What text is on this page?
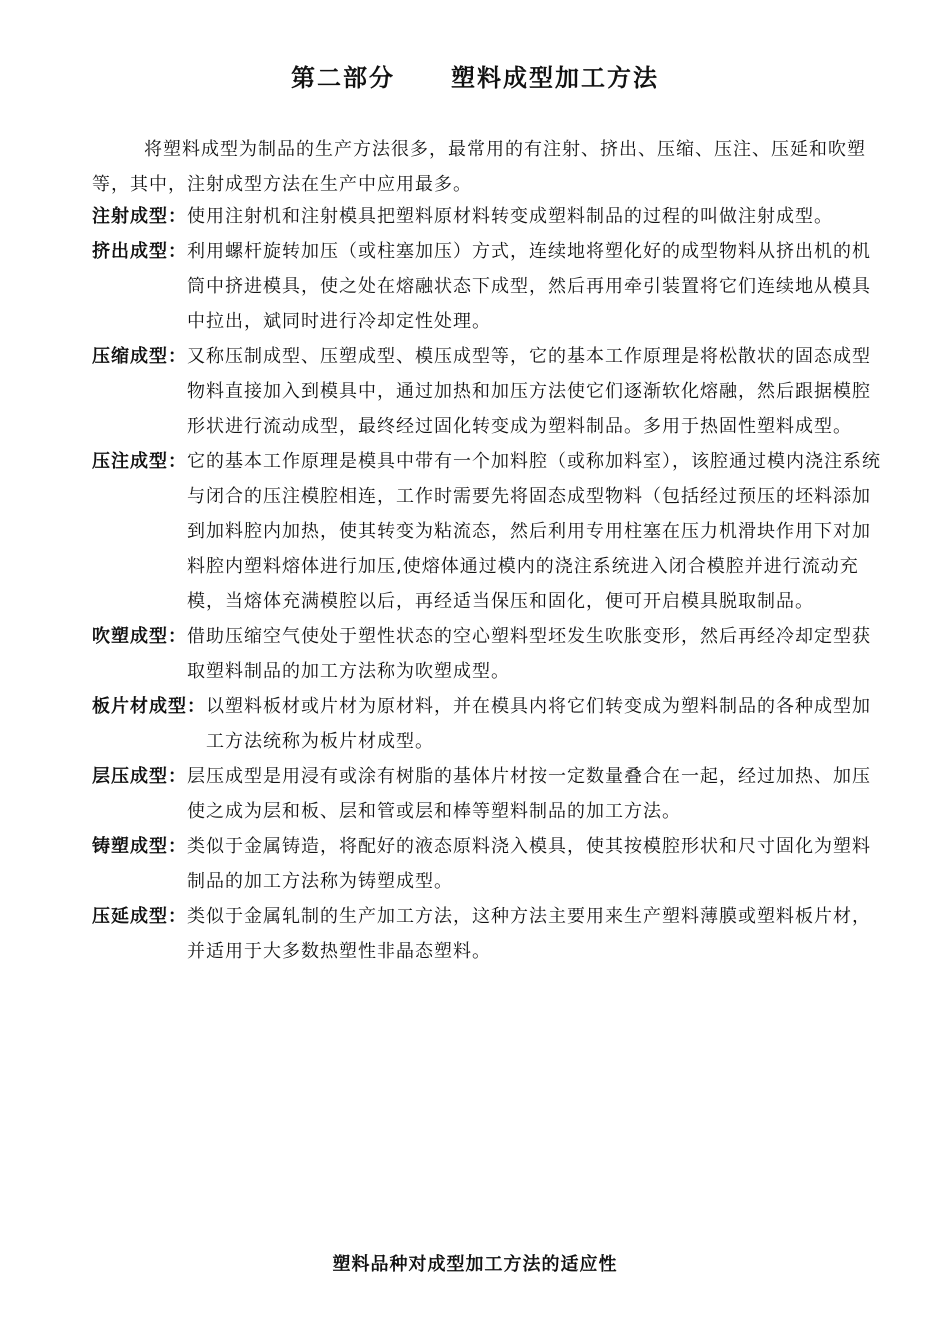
第二部分 塑料成型加工方法
将塑料成型为制品的生产方法很多，最常用的有注射、挤出、压缩、压注、压延和吹塑等，其中，注射成型方法在生产中应用最多。
注射成型： 使用注射机和注射模具把塑料原材料转变成塑料制品的过程的叫做注射成型。
挤出成型： 利用螺杆旋转加压（或柱塞加压）方式，连续地将塑化好的成型物料从挤出机的机筒中挤进模具，使之处在熔融状态下成型，然后再用牵引装置将它们连续地从模具中拉出，斌同时进行冷却定性处理。
压缩成型： 又称压制成型、压塑成型、模压成型等，它的基本工作原理是将松散状的固态成型物料直接加入到模具中，通过加热和加压方法使它们逐渐软化熔融，然后跟据模腔形状进行流动成型，最终经过固化转变成为塑料制品。多用于热固性塑料成型。
压注成型： 它的基本工作原理是模具中带有一个加料腔（或称加料室），该腔通过模内浇注系统与闭合的压注模腔相连，工作时需要先将固态成型物料（包括经过预压的坯料添加到加料腔内加热，使其转变为粘流态，然后利用专用柱塞在压力机滑块作用下对加料腔内塑料熔体进行加压,使熔体通过模内的浇注系统进入闭合模腔并进行流动充模，当熔体充满模腔以后，再经适当保压和固化，便可开启模具脱取制品。
吹塑成型： 借助压缩空气使处于塑性状态的空心塑料型坯发生吹胀变形，然后再经冷却定型获取塑料制品的加工方法称为吹塑成型。
板片材成型： 以塑料板材或片材为原材料，并在模具内将它们转变成为塑料制品的各种成型加工方法统称为板片材成型。
层压成型： 层压成型是用浸有或涂有树脂的基体片材按一定数量叠合在一起，经过加热、加压使之成为层和板、层和管或层和棒等塑料制品的加工方法。
铸塑成型： 类似于金属铸造，将配好的液态原料浇入模具，使其按模腔形状和尺寸固化为塑料制品的加工方法称为铸塑成型。
压延成型： 类似于金属轧制的生产加工方法，这种方法主要用来生产塑料薄膜或塑料板片材，并适用于大多数热塑性非晶态塑料。
塑料品种对成型加工方法的适应性
